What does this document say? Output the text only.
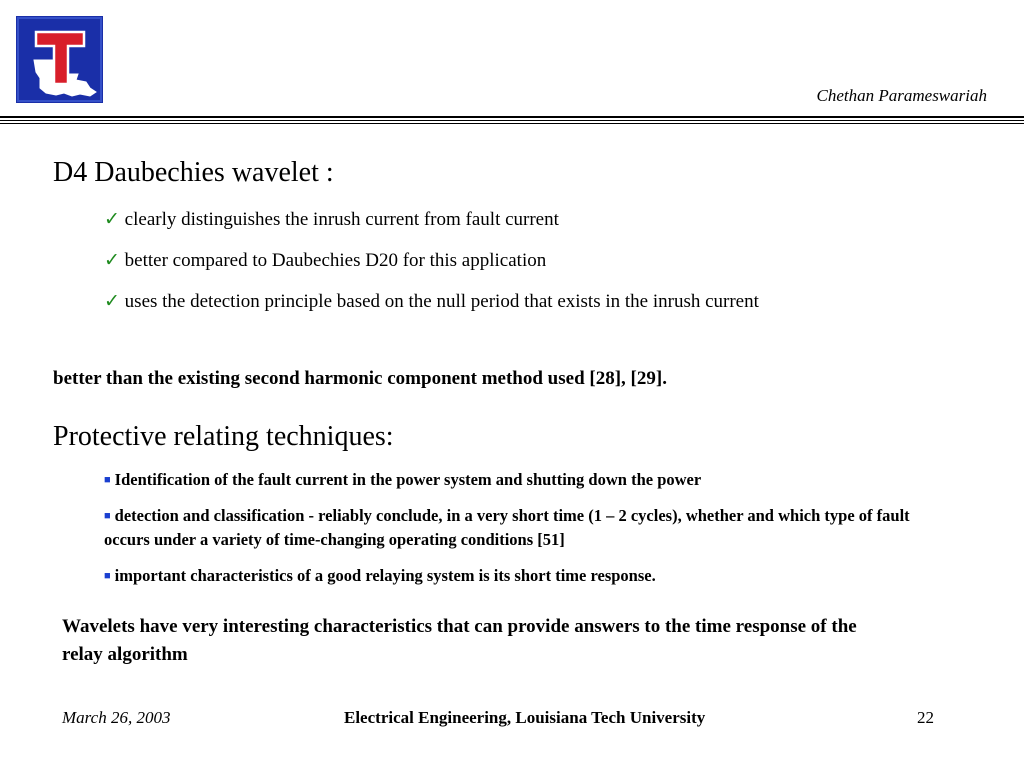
Chethan Parameswariah
D4 Daubechies wavelet :
✓ clearly distinguishes the inrush current from fault current
✓ better compared to Daubechies D20 for this application
✓ uses the detection principle based on the null period that exists in the inrush current
better than the existing second harmonic component method used [28], [29].
Protective relating techniques:
■ Identification of the fault current in the power system and shutting down the power
■ detection and classification - reliably conclude, in a very short time (1 – 2 cycles), whether and which type of fault occurs under a variety of time-changing operating conditions [51]
■ important characteristics of a good relaying system is its short time response.
Wavelets have very interesting characteristics that can provide answers to the time response of the relay algorithm
March 26, 2003	Electrical Engineering, Louisiana Tech University	22
